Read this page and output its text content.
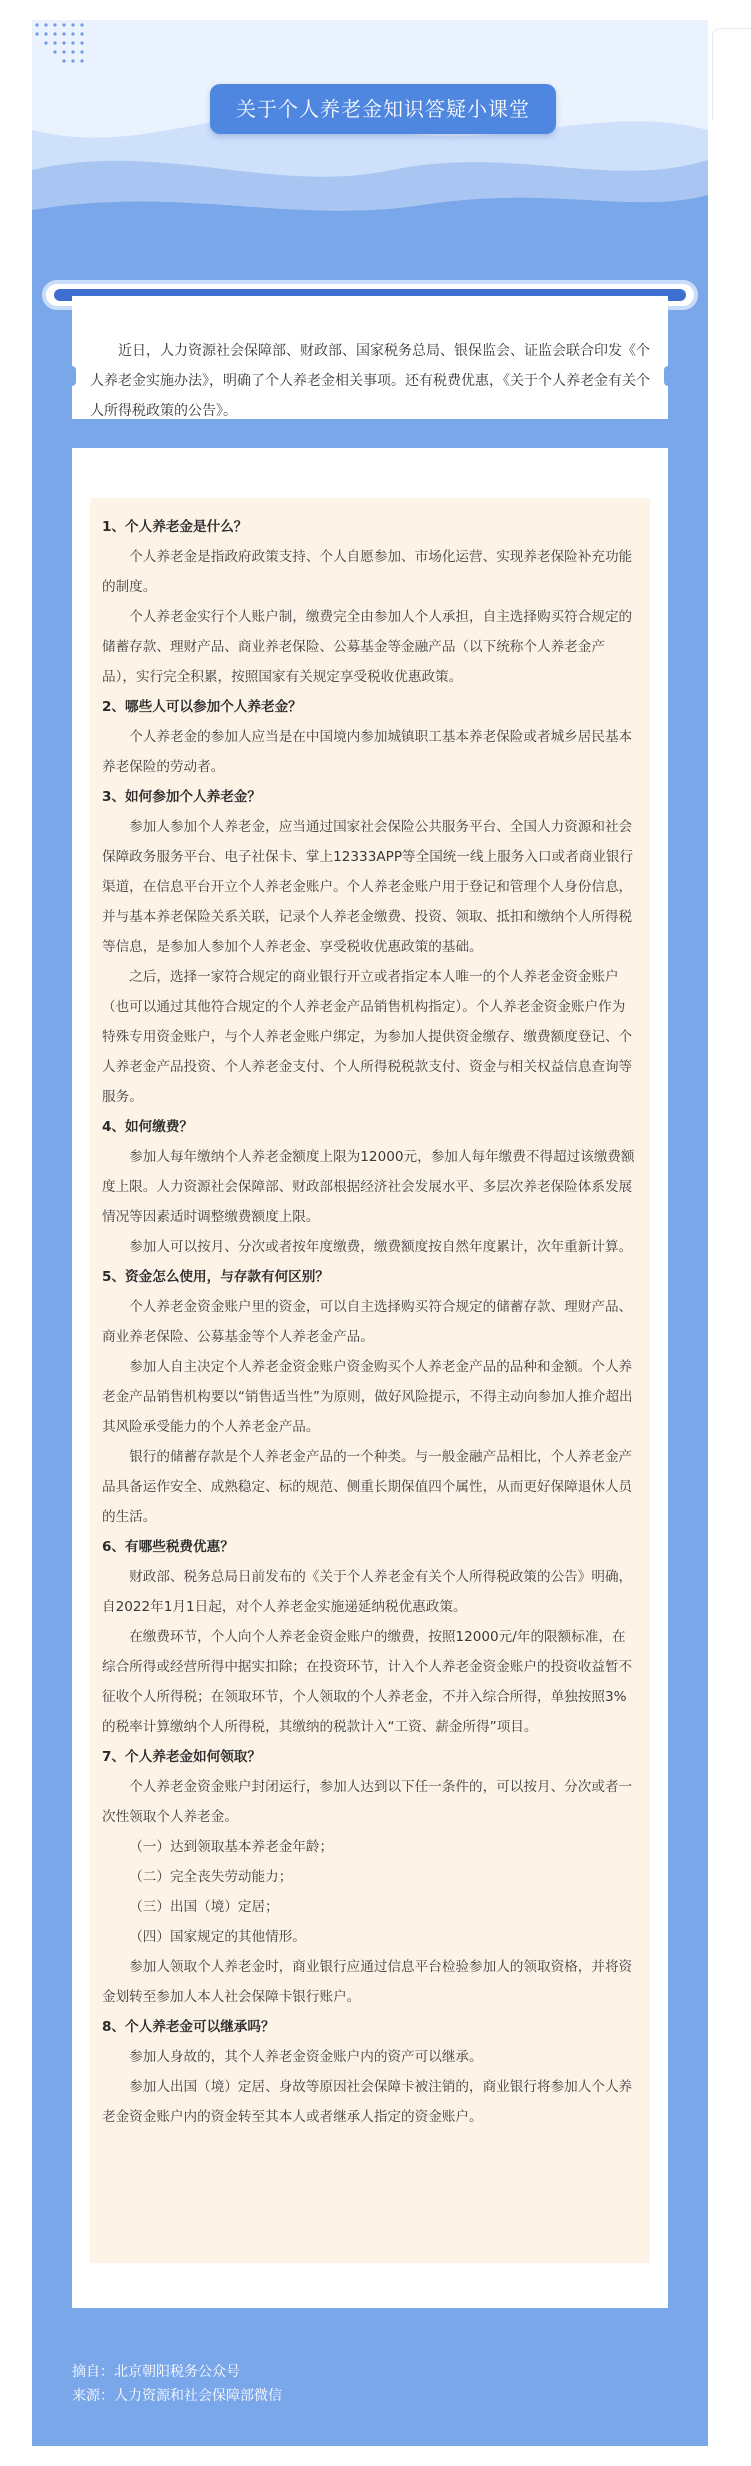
关于个人养老金知识答疑小课堂
近日，人力资源社会保障部、财政部、国家税务总局、银保监会、证监会联合印发《个人养老金实施办法》，明确了个人养老金相关事项。还有税费优惠，《关于个人养老金有关个人所得税政策的公告》。

1、个人养老金是什么？

个人养老金是指政府政策支持、个人自愿参加、市场化运营、实现养老保险补充功能的制度。

个人养老金实行个人账户制，缴费完全由参加人个人承担，自主选择购买符合规定的储蓄存款、理财产品、商业养老保险、公募基金等金融产品（以下统称个人养老金产品），实行完全积累，按照国家有关规定享受税收优惠政策。

2、哪些人可以参加个人养老金？

个人养老金的参加人应当是在中国境内参加城镇职工基本养老保险或者城乡居民基本养老保险的劳动者。

3、如何参加个人养老金？

参加人参加个人养老金，应当通过国家社会保险公共服务平台、全国人力资源和社会保障政务服务平台、电子社保卡、掌上12333APP等全国统一线上服务入口或者商业银行渠道，在信息平台开立个人养老金账户。个人养老金账户用于登记和管理个人身份信息，并与基本养老保险关系关联，记录个人养老金缴费、投资、领取、抵扣和缴纳个人所得税等信息，是参加人参加个人养老金、享受税收优惠政策的基础。

之后，选择一家符合规定的商业银行开立或者指定本人唯一的个人养老金资金账户（也可以通过其他符合规定的个人养老金产品销售机构指定）。个人养老金资金账户作为特殊专用资金账户，与个人养老金账户绑定，为参加人提供资金缴存、缴费额度登记、个人养老金产品投资、个人养老金支付、个人所得税税款支付、资金与相关权益信息查询等服务。

4、如何缴费？

参加人每年缴纳个人养老金额度上限为12000元，参加人每年缴费不得超过该缴费额度上限。人力资源社会保障部、财政部根据经济社会发展水平、多层次养老保险体系发展情况等因素适时调整缴费额度上限。

参加人可以按月、分次或者按年度缴费，缴费额度按自然年度累计，次年重新计算。

5、资金怎么使用，与存款有何区别？

个人养老金资金账户里的资金，可以自主选择购买符合规定的储蓄存款、理财产品、商业养老保险、公募基金等个人养老金产品。

参加人自主决定个人养老金资金账户资金购买个人养老金产品的品种和金额。个人养老金产品销售机构要以“销售适当性”为原则，做好风险提示，不得主动向参加人推介超出其风险承受能力的个人养老金产品。

银行的储蓄存款是个人养老金产品的一个种类。与一般金融产品相比，个人养老金产品具备运作安全、成熟稳定、标的规范、侧重长期保值四个属性，从而更好保障退休人员的生活。

6、有哪些税费优惠？

财政部、税务总局日前发布的《关于个人养老金有关个人所得税政策的公告》明确，自2022年1月1日起，对个人养老金实施递延纳税优惠政策。

在缴费环节，个人向个人养老金资金账户的缴费，按照12000元/年的限额标准，在综合所得或经营所得中据实扣除；在投资环节，计入个人养老金资金账户的投资收益暂不征收个人所得税；在领取环节，个人领取的个人养老金，不并入综合所得，单独按照3%的税率计算缴纳个人所得税，其缴纳的税款计入“工资、薪金所得”项目。

7、个人养老金如何领取？

个人养老金资金账户封闭运行，参加人达到以下任一条件的，可以按月、分次或者一次性领取个人养老金。

（一）达到领取基本养老金年龄；

（二）完全丧失劳动能力；

（三）出国（境）定居；

（四）国家规定的其他情形。

参加人领取个人养老金时，商业银行应通过信息平台检验参加人的领取资格，并将资金划转至参加人本人社会保障卡银行账户。

8、个人养老金可以继承吗？

参加人身故的，其个人养老金资金账户内的资产可以继承。

参加人出国（境）定居、身故等原因社会保障卡被注销的，商业银行将参加人个人养老金资金账户内的资金转至其本人或者继承人指定的资金账户。

摘自：北京朝阳税务公众号
来源：人力资源和社会保障部微信
